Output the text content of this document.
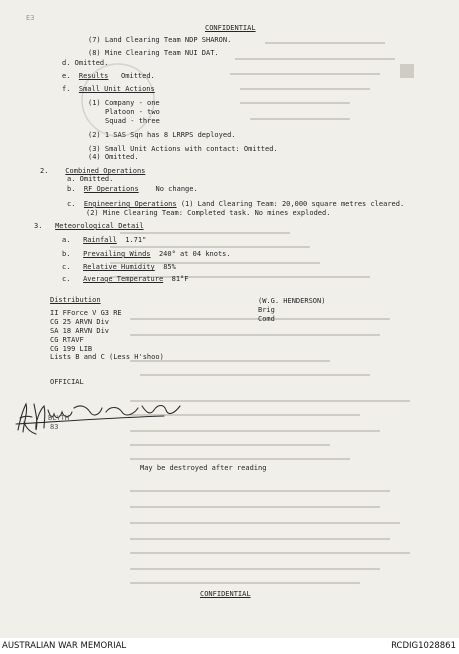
E3
CONFIDENTIAL
(7) Land Clearing Team NDP SHARON.
(8) Mine Clearing Team NUI DAT.
d. Omitted.
e. Results Omitted.
f. Small Unit Actions
(1) Company - one
Platoon - two
Squad - three
(2) 1 SAS Sqn has 8 LRRPS deployed.
(3) Small Unit Actions with contact: Omitted.
(4) Omitted.
2. Combined Operations
a. Omitted.
b. RF Operations No change.
c. Engineering Operations (1) Land Clearing Team: 20,000 square metres cleared.
(2) Mine Clearing Team: Completed task. No mines exploded.
3. Meteorological Detail
a. Rainfall 1.71"
b. Prevailing Winds 240° at 04 knots.
c. Relative Humidity 85%
c. Average Temperature 81°F
Distribution
II FForce V G3 RE
CG 25 ARVN Div
SA 18 ARVN Div
CG RTAVF
CG 199 LIB
Lists B and C (Less H'shoo)
(W.G. HENDERSON)
Brig
Comd
OFFICIAL
BLYTH
83
May be destroyed after reading
CONFIDENTIAL
AUSTRALIAN WAR MEMORIAL	RCDIG1028861
